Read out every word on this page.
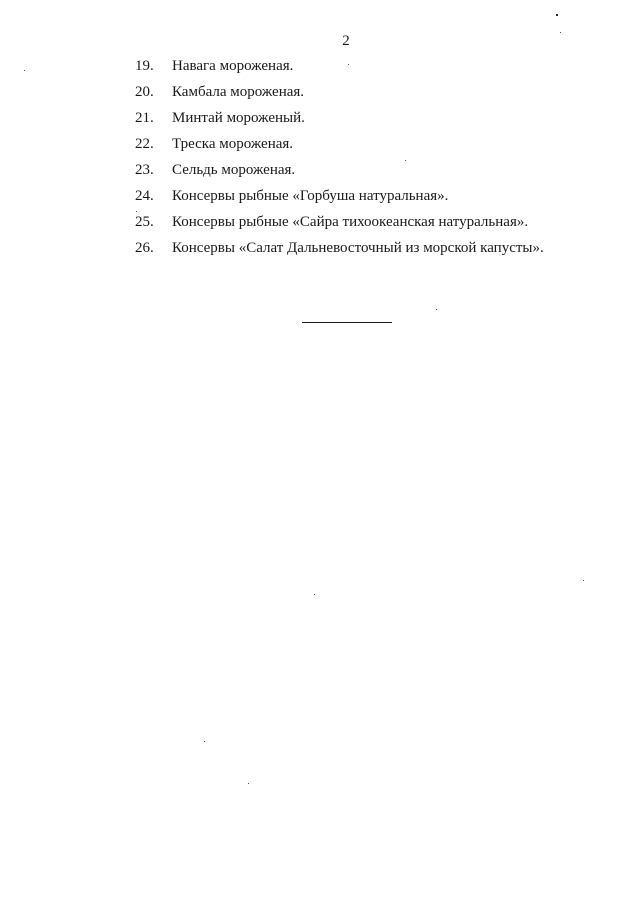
2
19.	Навага мороженая.
20.	Камбала мороженая.
21.	Минтай мороженый.
22.	Треска мороженая.
23.	Сельдь мороженая.
24.	Консервы рыбные «Горбуша натуральная».
25.	Консервы рыбные «Сайра тихоокеанская натуральная».
26.	Консервы «Салат Дальневосточный из морской капусты».
